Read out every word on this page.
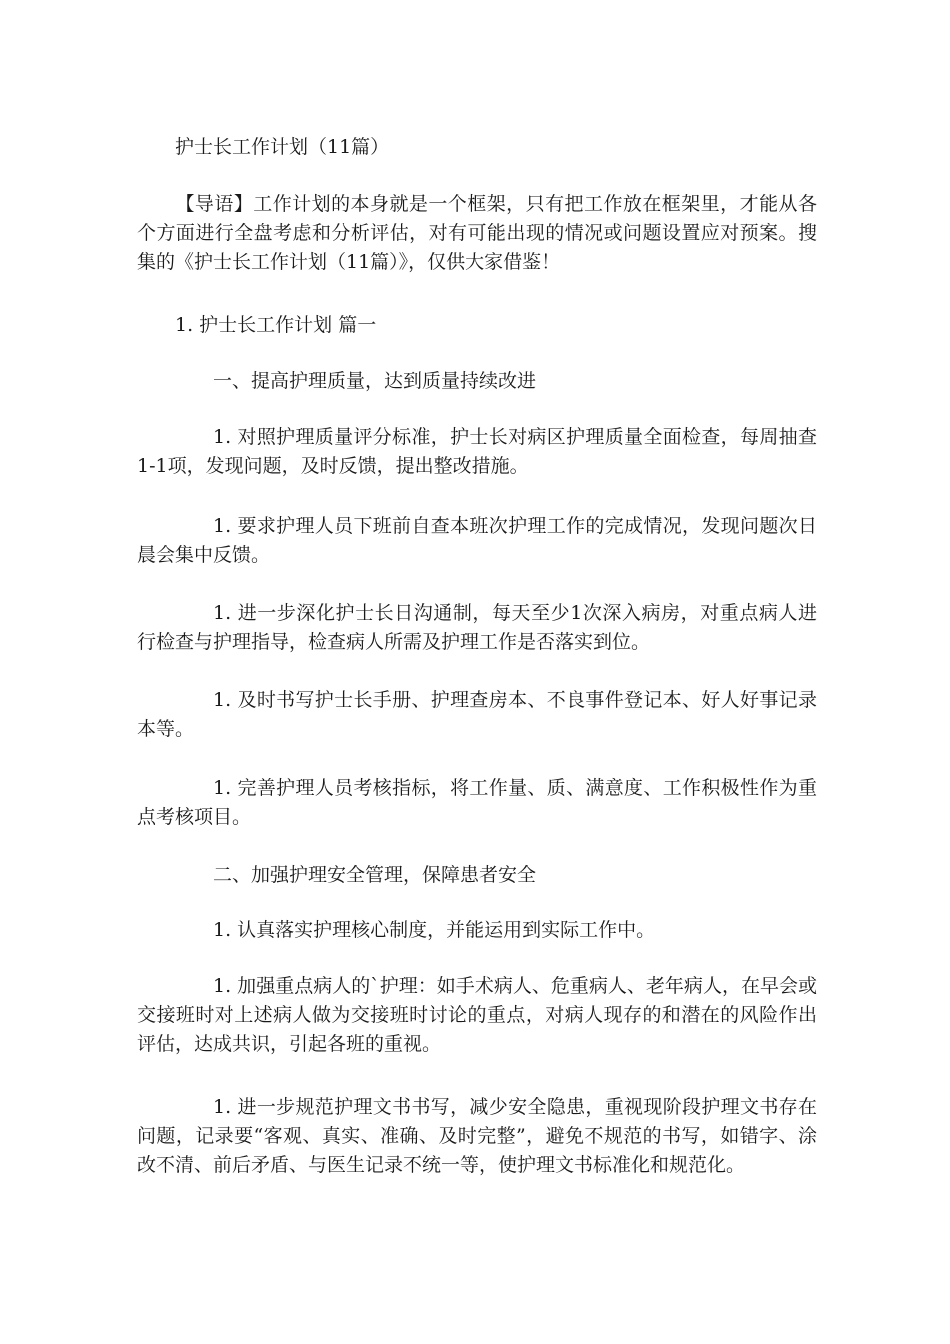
护士长工作计划（11篇）
【导语】工作计划的本身就是一个框架，只有把工作放在框架里，才能从各个方面进行全盘考虑和分析评估，对有可能出现的情况或问题设置应对预案。搜集的《护士长工作计划（11篇）》，仅供大家借鉴！
1. 护士长工作计划 篇一
一、提高护理质量，达到质量持续改进
1. 对照护理质量评分标准，护士长对病区护理质量全面检查，每周抽查1-1项，发现问题，及时反馈，提出整改措施。
1. 要求护理人员下班前自查本班次护理工作的完成情况，发现问题次日晨会集中反馈。
1. 进一步深化护士长日沟通制，每天至少1次深入病房，对重点病人进行检查与护理指导，检查病人所需及护理工作是否落实到位。
1. 及时书写护士长手册、护理查房本、不良事件登记本、好人好事记录本等。
1. 完善护理人员考核指标，将工作量、质、满意度、工作积极性作为重点考核项目。
二、加强护理安全管理，保障患者安全
1. 认真落实护理核心制度，并能运用到实际工作中。
1. 加强重点病人的`护理：如手术病人、危重病人、老年病人，在早会或交接班时对上述病人做为交接班时讨论的重点，对病人现存的和潜在的风险作出评估，达成共识，引起各班的重视。
1. 进一步规范护理文书书写，减少安全隐患，重视现阶段护理文书存在问题，记录要“客观、真实、准确、及时完整”，避免不规范的书写，如错字、涂改不清、前后矛盾、与医生记录不统一等，使护理文书标准化和规范化。
